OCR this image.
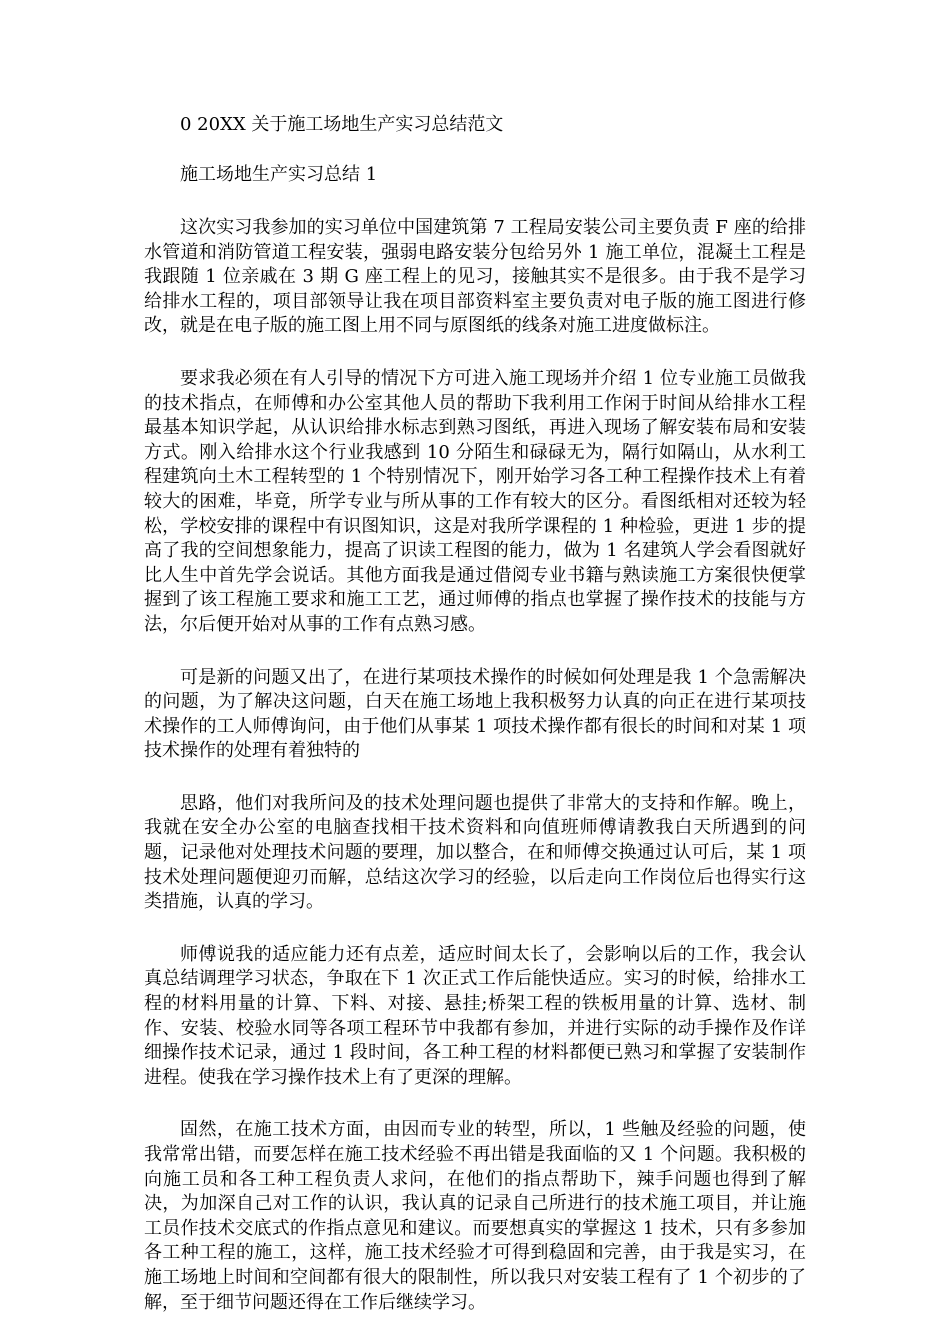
0 20XX 关于施工场地生产实习总结范文

施工场地生产实习总结 1

这次实习我参加的实习单位中国建筑第 7 工程局安装公司主要负责 F 座的给排水管道和消防管道工程安装，强弱电路安装分包给另外 1 施工单位，混凝土工程是我跟随 1 位亲戚在 3 期 G 座工程上的见习，接触其实不是很多。由于我不是学习给排水工程的，项目部领导让我在项目部资料室主要负责对电子版的施工图进行修改，就是在电子版的施工图上用不同与原图纸的线条对施工进度做标注。

要求我必须在有人引导的情况下方可进入施工现场并介绍 1 位专业施工员做我的技术指点，在师傅和办公室其他人员的帮助下我利用工作闲于时间从给排水工程最基本知识学起，从认识给排水标志到熟习图纸，再进入现场了解安装布局和安装方式。刚入给排水这个行业我感到 10 分陌生和碌碌无为，隔行如隔山，从水利工程建筑向土木工程转型的 1 个特别情况下，刚开始学习各工种工程操作技术上有着较大的困难，毕竟，所学专业与所从事的工作有较大的区分。看图纸相对还较为轻松，学校安排的课程中有识图知识，这是对我所学课程的 1 种检验，更进 1 步的提高了我的空间想象能力，提高了识读工程图的能力，做为 1 名建筑人学会看图就好比人生中首先学会说话。其他方面我是通过借阅专业书籍与熟读施工方案很快便掌握到了该工程施工要求和施工工艺，通过师傅的指点也掌握了操作技术的技能与方法，尔后便开始对从事的工作有点熟习感。

可是新的问题又出了，在进行某项技术操作的时候如何处理是我 1 个急需解决的问题，为了解决这问题，白天在施工场地上我积极努力认真的向正在进行某项技术操作的工人师傅询问，由于他们从事某 1 项技术操作都有很长的时间和对某 1 项技术操作的处理有着独特的

思路，他们对我所问及的技术处理问题也提供了非常大的支持和作解。晚上，我就在安全办公室的电脑查找相干技术资料和向值班师傅请教我白天所遇到的问题，记录他对处理技术问题的要理，加以整合，在和师傅交换通过认可后，某 1 项技术处理问题便迎刃而解，总结这次学习的经验，以后走向工作岗位后也得实行这类措施，认真的学习。

师傅说我的适应能力还有点差，适应时间太长了，会影响以后的工作，我会认真总结调理学习状态，争取在下 1 次正式工作后能快适应。实习的时候，给排水工程的材料用量的计算、下料、对接、悬挂;桥架工程的铁板用量的计算、选材、制作、安装、校验水同等各项工程环节中我都有参加，并进行实际的动手操作及作详细操作技术记录，通过 1 段时间，各工种工程的材料都便已熟习和掌握了安装制作进程。使我在学习操作技术上有了更深的理解。

固然，在施工技术方面，由因而专业的转型，所以，1 些触及经验的问题，使我常常出错，而要怎样在施工技术经验不再出错是我面临的又 1 个问题。我积极的向施工员和各工种工程负责人求问，在他们的指点帮助下，辣手问题也得到了解决，为加深自己对工作的认识，我认真的记录自己所进行的技术施工项目，并让施工员作技术交底式的作指点意见和建议。而要想真实的掌握这 1 技术，只有多参加各工种工程的施工，这样，施工技术经验才可得到稳固和完善，由于我是实习，在施工场地上时间和空间都有很大的限制性，所以我只对安装工程有了 1 个初步的了解，至于细节问题还得在工作后继续学习。
